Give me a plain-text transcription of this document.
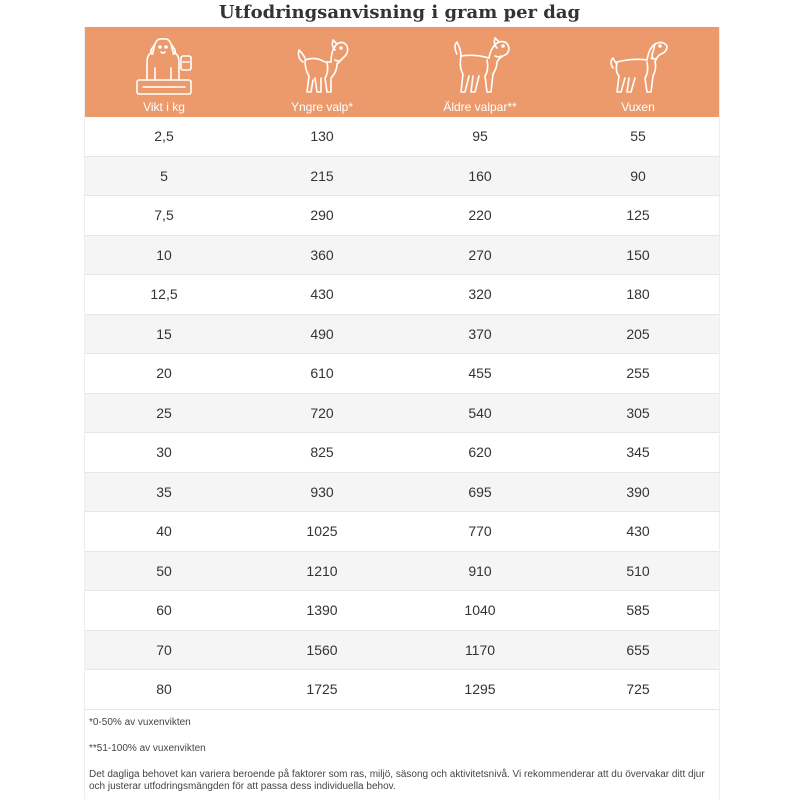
Utfodringsanvisning i gram per dag
Vikt i kg	Yngre valp*	Äldre valpar**	Vuxen
2,5	130	95	55
5	215	160	90
7,5	290	220	125
10	360	270	150
12,5	430	320	180
15	490	370	205
20	610	455	255
25	720	540	305
30	825	620	345
35	930	695	390
40	1025	770	430
50	1210	910	510
60	1390	1040	585
70	1560	1170	655
80	1725	1295	725
*0-50% av vuxenvikten
**51-100% av vuxenvikten
Det dagliga behovet kan variera beroende på faktorer som ras, miljö, säsong och aktivitetsnivå. Vi rekommenderar att du övervakar ditt djur och justerar utfodringsmängden för att passa dess individuella behov.
